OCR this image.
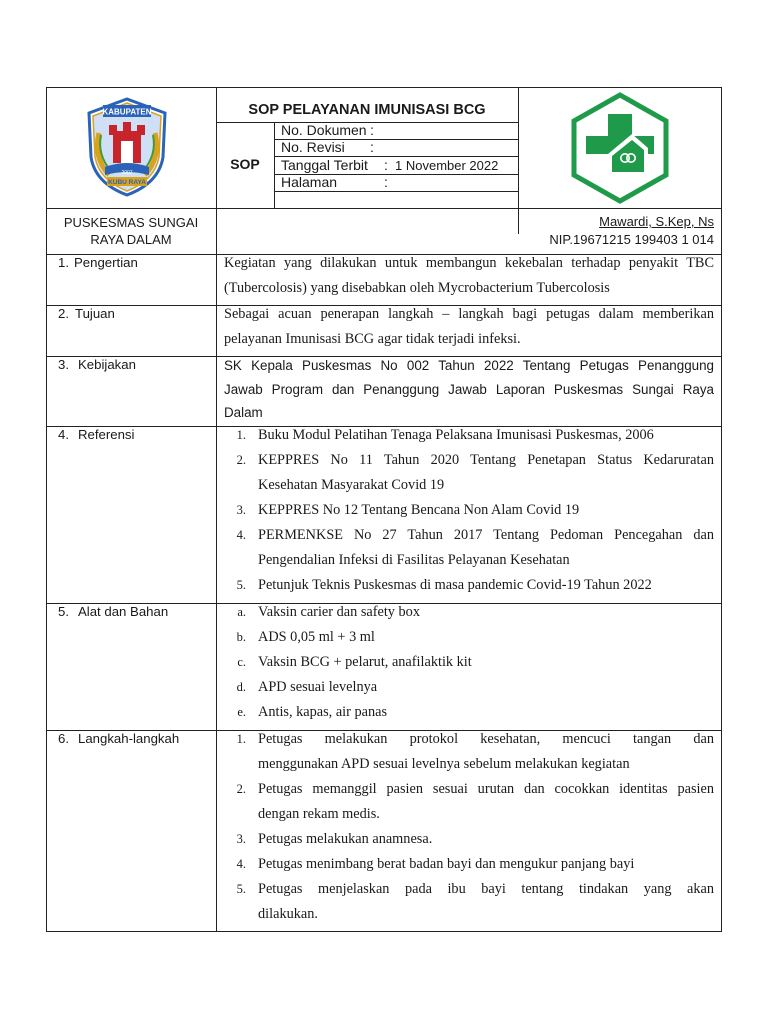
KABUPATEN
KUBU RAYA
2007
SOP PELAYANAN IMUNISASI BCG
SOP
No. Dokumen :
No. Revisi :
Tanggal Terbit : 1 November 2022
Halaman	:
PUSKESMAS SUNGAI
RAYA DALAM
Mawardi, S.Kep, Ns
NIP.19671215 199403 1 014
1. Pengertian
2. Tujuan
3. Kebijakan
4. Referensi
5. Alat dan Bahan
6. Langkah-langkah
Kegiatan yang dilakukan untuk membangun kekebalan terhadap penyakit TBC
(Tubercolosis) yang disebabkan oleh Mycrobacterium Tubercolosis
Sebagai acuan penerapan langkah – langkah bagi petugas dalam memberikan
pelayanan Imunisasi BCG agar tidak terjadi infeksi.
SK Kepala Puskesmas No 002 Tahun 2022 Tentang Petugas Penanggung
Jawab Program dan Penanggung Jawab Laporan Puskesmas Sungai Raya
Dalam
1. Buku Modul Pelatihan Tenaga Pelaksana Imunisasi Puskesmas, 2006
2. KEPPRES No 11 Tahun 2020 Tentang Penetapan Status Kedaruratan
Kesehatan Masyarakat Covid 19
3. KEPPRES No 12 Tentang Bencana Non Alam Covid 19
4. PERMENKSE No 27 Tahun 2017 Tentang Pedoman Pencegahan dan
Pengendalian Infeksi di Fasilitas Pelayanan Kesehatan
5. Petunjuk Teknis Puskesmas di masa pandemic Covid-19 Tahun 2022
a. Vaksin carier dan safety box
b. ADS 0,05 ml + 3 ml
c. Vaksin BCG + pelarut, anafilaktik kit
d. APD sesuai levelnya
e. Antis, kapas, air panas
1. Petugas melakukan protokol kesehatan, mencuci tangan dan
menggunakan APD sesuai levelnya sebelum melakukan kegiatan
2. Petugas memanggil pasien sesuai urutan dan cocokkan identitas pasien
dengan rekam medis.
3. Petugas melakukan anamnesa.
4. Petugas menimbang berat badan bayi dan mengukur panjang bayi
5. Petugas menjelaskan pada ibu bayi tentang tindakan yang akan
dilakukan.
